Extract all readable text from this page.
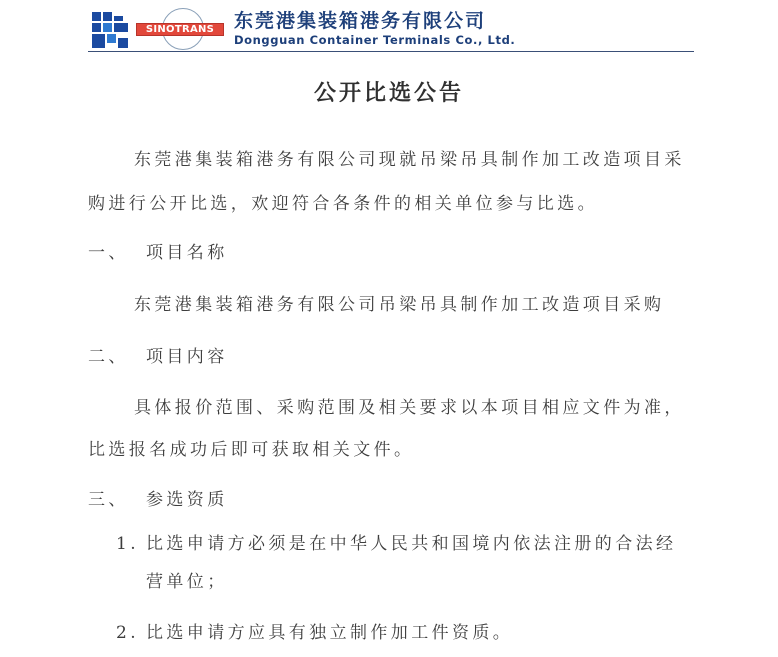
SINOTRANS	东莞港集装箱港务有限公司
Dongguan Container Terminals Co., Ltd.
公开比选公告
东莞港集装箱港务有限公司现就吊梁吊具制作加工改造项目采
购进行公开比选，欢迎符合各条件的相关单位参与比选。
一、 项目名称
东莞港集装箱港务有限公司吊梁吊具制作加工改造项目采购
二、 项目内容
具体报价范围、采购范围及相关要求以本项目相应文件为准，
比选报名成功后即可获取相关文件。
三、 参选资质
1. 比选申请方必须是在中华人民共和国境内依法注册的合法经
营单位；
2. 比选申请方应具有独立制作加工件资质。
